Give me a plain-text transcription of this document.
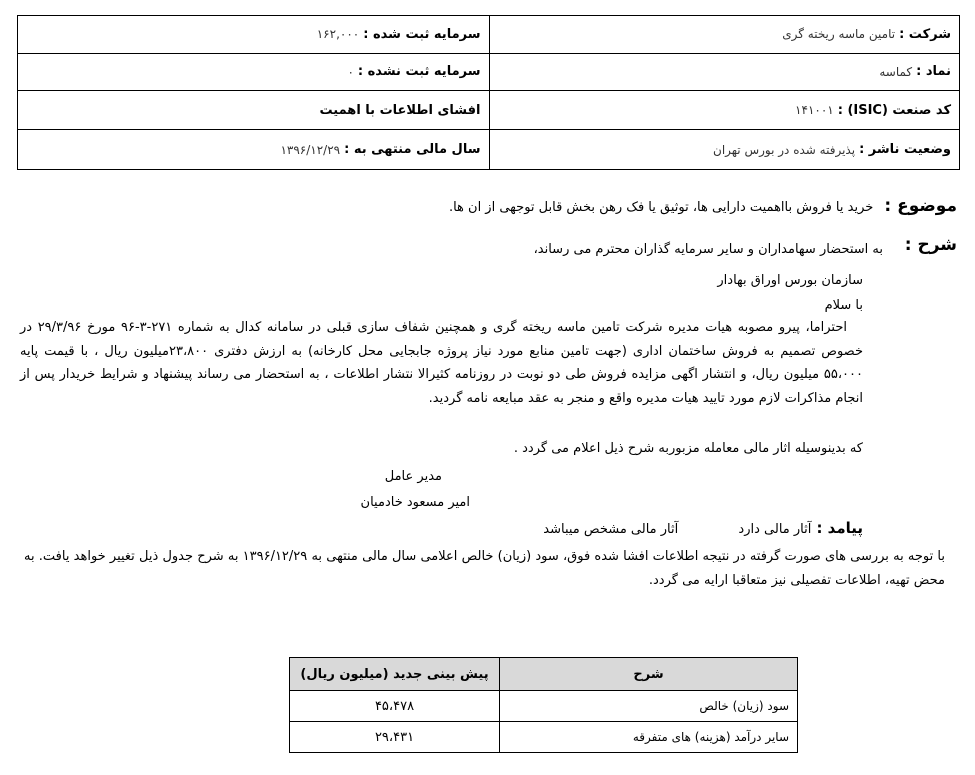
شرکت :
تامین ماسه ریخته گری
نماد :
کماسه
کد صنعت (ISIC) :
۱۴۱۰۰۱
وضعیت ناشر :
پذیرفته شده در بورس تهران
سرمایه ثبت شده :
۱۶۲,۰۰۰
سرمایه ثبت نشده :
۰
افشای اطلاعات با اهمیت
سال مالی منتهی به :
۱۳۹۶/۱۲/۲۹
موضوع : خرید یا فروش بااهمیت دارایی ها، توثیق یا فک رهن بخش قابل توجهی از ان ها.
شرح :
به استحضار سهامداران و سایر سرمایه گذاران محترم می رساند،
سازمان بورس اوراق بهادار
با سلام

احتراما، پیرو مصوبه هیات مدیره شرکت تامین ماسه ریخته گری و همچنین شفاف سازی قبلی در سامانه کدال به شماره ۲۷۱-۳-۹۶ مورخ ۲۹/۳/۹۶ در خصوص تصمیم به فروش ساختمان اداری (جهت تامین منابع مورد نیاز پروژه جابجایی محل کارخانه) به ارزش دفتری ۲۳،۸۰۰میلیون ریال ، با قیمت پایه ۵۵،۰۰۰ میلیون ریال، و انتشار اگهی مزایده فروش طی دو نوبت در روزنامه کثیرالا نتشار اطلاعات ، به استحضار می رساند پیشنهاد و شرایط خریدار پس از انجام مذاکرات لازم مورد تایید هیات مدیره واقع و منجر به عقد مبایعه نامه گردید.

که بدینوسیله اثار مالی معامله مزبوربه شرح ذیل اعلام می گردد .
مدیر عامل
امیر مسعود خادمیان
پیامد : آثار مالی دارد  آثار مالی مشخص میباشد

با توجه به بررسی های صورت گرفته در نتیجه اطلاعات افشا شده فوق، سود (زیان) خالص اعلامی سال مالی منتهی به ۱۳۹۶/۱۲/۲۹ به شرح جدول ذیل تغییر خواهد یافت. به محض تهیه، اطلاعات تفصیلی نیز متعاقبا ارایه می گردد.

شرح	پیش بینی جدید (میلیون ریال)
سود (زیان) خالص	۴۵،۴۷۸
سایر درآمد (هزینه) های متفرقه	۲۹،۴۳۱
